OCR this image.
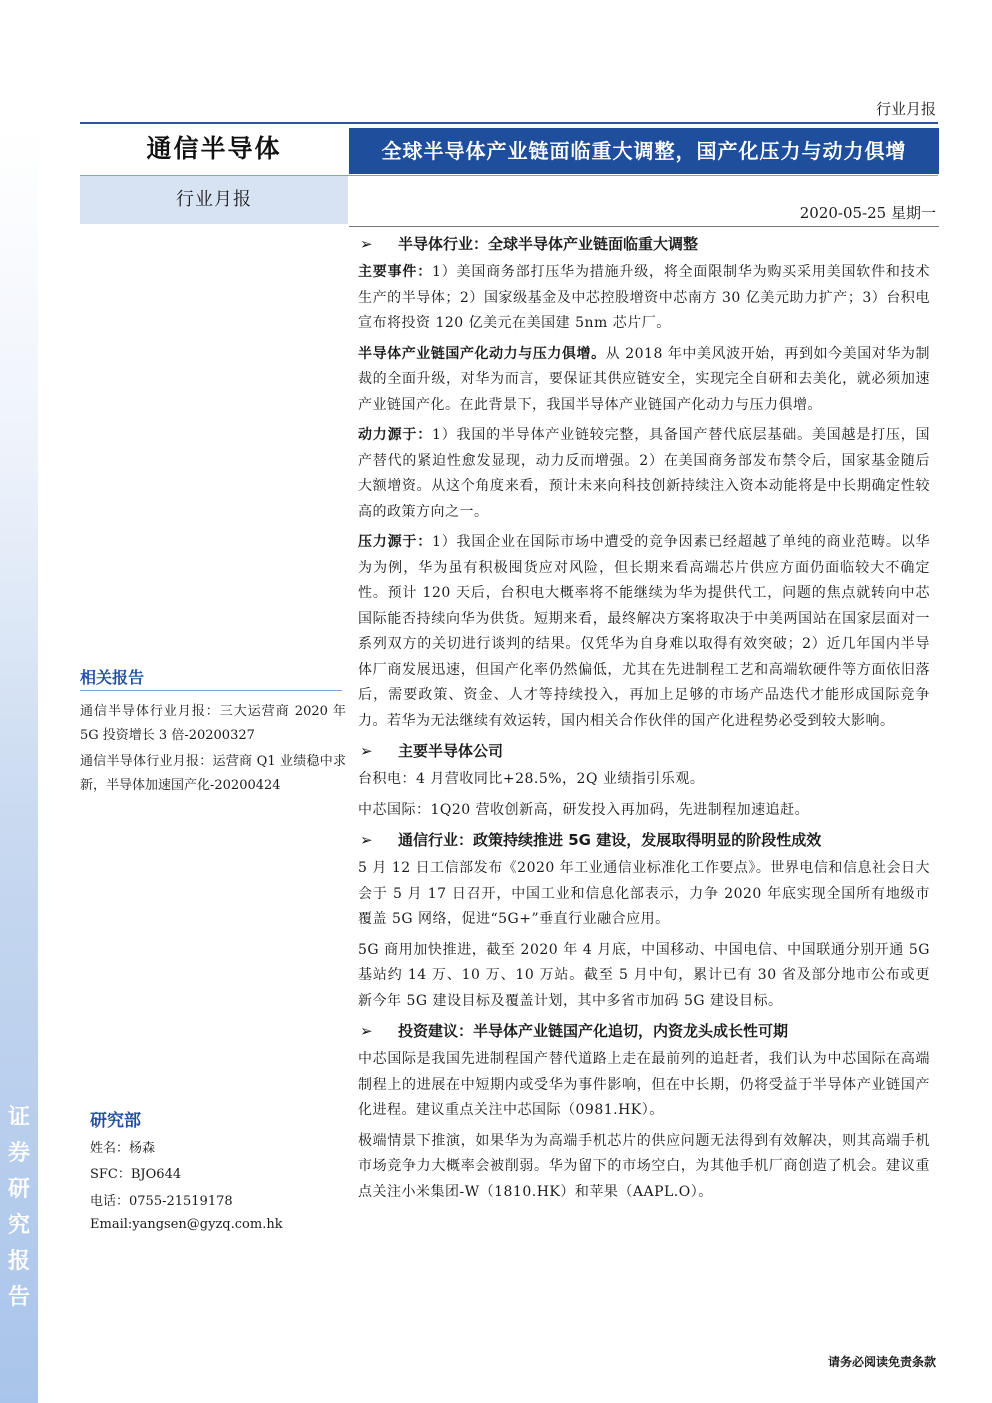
证
券
研
究
报
告
行业月报
通信半导体	全球半导体产业链面临重大调整，国产化压力与动力俱增
行业月报
2020-05-25 星期一
相关报告
通信半导体行业月报：三大运营商 2020 年 5G 投资增长 3 倍-20200327
通信半导体行业月报：运营商 Q1 业绩稳中求新，半导体加速国产化-20200424
研究部
姓名：杨森
SFC：BJO644
电话：0755-21519178
Email:yangsen@gyzq.com.hk
➢ 半导体行业：全球半导体产业链面临重大调整

主要事件：1）美国商务部打压华为措施升级，将全面限制华为购买采用美国软件和技术生产的半导体；2）国家级基金及中芯控股增资中芯南方 30 亿美元助力扩产；3）台积电宣布将投资 120 亿美元在美国建 5nm 芯片厂。

半导体产业链国产化动力与压力俱增。从 2018 年中美风波开始，再到如今美国对华为制裁的全面升级，对华为而言，要保证其供应链安全，实现完全自研和去美化，就必须加速产业链国产化。在此背景下，我国半导体产业链国产化动力与压力俱增。

动力源于：1）我国的半导体产业链较完整，具备国产替代底层基础。美国越是打压，国产替代的紧迫性愈发显现，动力反而增强。2）在美国商务部发布禁令后，国家基金随后大额增资。从这个角度来看，预计未来向科技创新持续注入资本动能将是中长期确定性较高的政策方向之一。

压力源于：1）我国企业在国际市场中遭受的竞争因素已经超越了单纯的商业范畴。以华为为例，华为虽有积极囤货应对风险，但长期来看高端芯片供应方面仍面临较大不确定性。预计 120 天后，台积电大概率将不能继续为华为提供代工，问题的焦点就转向中芯国际能否持续向华为供货。短期来看，最终解决方案将取决于中美两国站在国家层面对一系列双方的关切进行谈判的结果。仅凭华为自身难以取得有效突破；2）近几年国内半导体厂商发展迅速，但国产化率仍然偏低，尤其在先进制程工艺和高端软硬件等方面依旧落后，需要政策、资金、人才等持续投入，再加上足够的市场产品迭代才能形成国际竞争力。若华为无法继续有效运转，国内相关合作伙伴的国产化进程势必受到较大影响。

➢ 主要半导体公司

台积电：4 月营收同比+28.5%，2Q 业绩指引乐观。

中芯国际：1Q20 营收创新高，研发投入再加码，先进制程加速追赶。

➢ 通信行业：政策持续推进 5G 建设，发展取得明显的阶段性成效

5 月 12 日工信部发布《2020 年工业通信业标准化工作要点》。世界电信和信息社会日大会于 5 月 17 日召开，中国工业和信息化部表示，力争 2020 年底实现全国所有地级市覆盖 5G 网络，促进“5G+”垂直行业融合应用。

5G 商用加快推进，截至 2020 年 4 月底，中国移动、中国电信、中国联通分别开通 5G 基站约 14 万、10 万、10 万站。截至 5 月中旬，累计已有 30 省及部分地市公布或更新今年 5G 建设目标及覆盖计划，其中多省市加码 5G 建设目标。

➢ 投资建议：半导体产业链国产化追切，内资龙头成长性可期

中芯国际是我国先进制程国产替代道路上走在最前列的追赶者，我们认为中芯国际在高端制程上的进展在中短期内或受华为事件影响，但在中长期，仍将受益于半导体产业链国产化进程。建议重点关注中芯国际（0981.HK）。

极端情景下推演，如果华为为高端手机芯片的供应问题无法得到有效解决，则其高端手机市场竞争力大概率会被削弱。华为留下的市场空白，为其他手机厂商创造了机会。建议重点关注小米集团-W（1810.HK）和苹果（AAPL.O）。

请务必阅读免责条款
